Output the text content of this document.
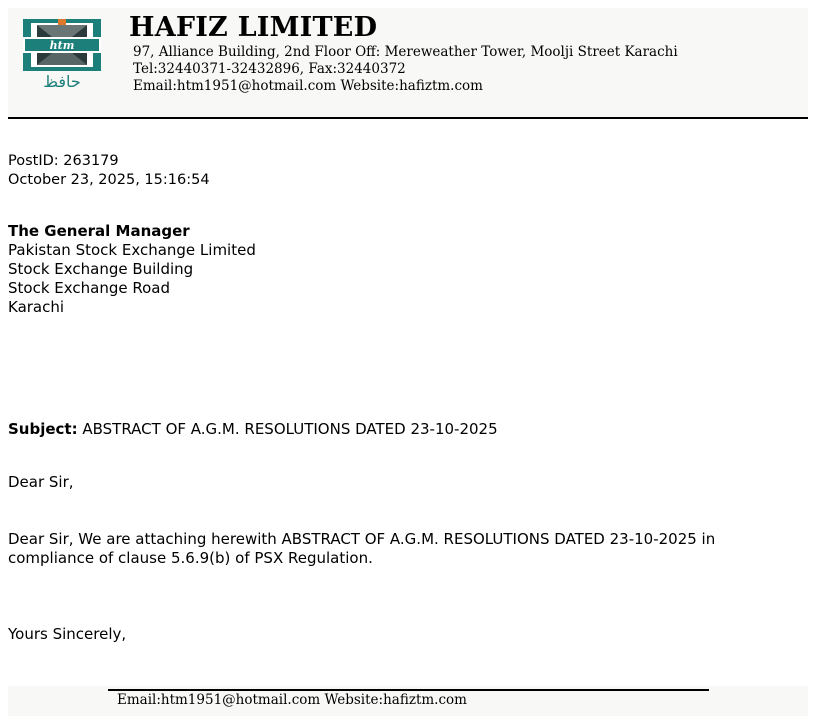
htm
حافظ
HAFIZ LIMITED
97, Alliance Building, 2nd Floor Off: Mereweather Tower, Moolji Street Karachi
Tel:32440371-32432896, Fax:32440372
Email:htm1951@hotmail.com Website:hafiztm.com
PostID: 263179
October 23, 2025, 15:16:54
The General Manager
Pakistan Stock Exchange Limited
Stock Exchange Building
Stock Exchange Road
Karachi
Subject: ABSTRACT OF A.G.M. RESOLUTIONS DATED 23-10-2025
Dear Sir,
Dear Sir, We are attaching herewith ABSTRACT OF A.G.M. RESOLUTIONS DATED 23-10-2025 in compliance of clause 5.6.9(b) of PSX Regulation.
Yours Sincerely,
Email:htm1951@hotmail.com Website:hafiztm.com
